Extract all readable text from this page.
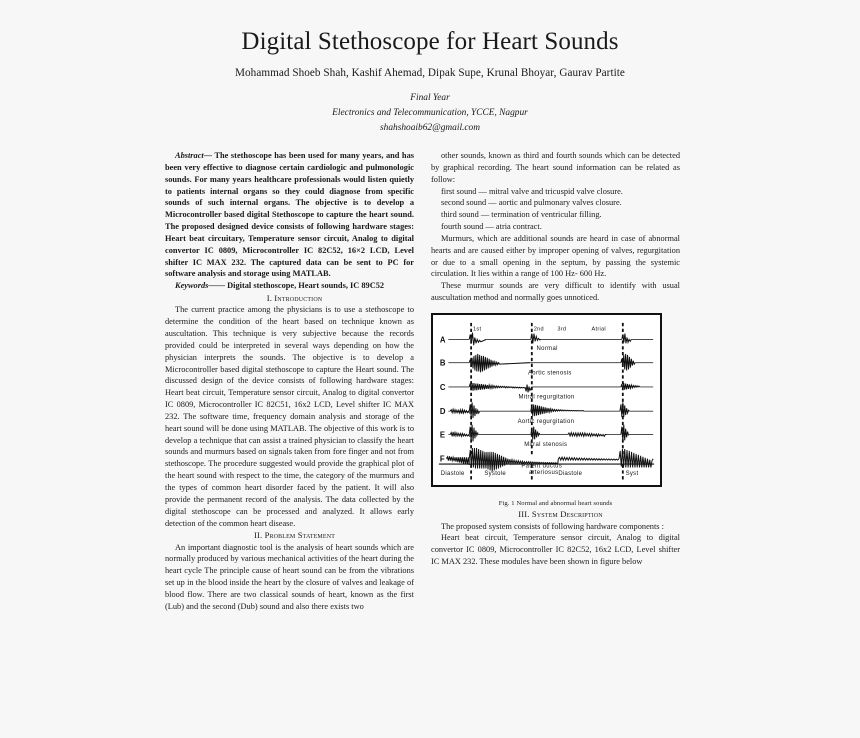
Digital Stethoscope for Heart Sounds
Mohammad Shoeb Shah, Kashif Ahemad, Dipak Supe, Krunal Bhoyar, Gaurav Partite
Final Year
Electronics and Telecommunication, YCCE, Nagpur
shahshoaib62@gmail.com

Abstract— The stethoscope has been used for many years, and has been very effective to diagnose certain cardiologic and pulmonologic sounds. For many years healthcare professionals would listen quietly to patients internal organs so they could diagnose from specific sounds of such internal organs. The objective is to develop a Microcontroller based digital Stethoscope to capture the heart sound. The proposed designed device consists of following hardware stages: Heart beat circuitary, Temperature sensor circuit, Analog to digital convertor IC 0809, Microcontroller IC 82C52, 16×2 LCD, Level shifter IC MAX 232. The captured data can be sent to PC for software analysis and storage using MATLAB.

Keywords—— Digital stethoscope, Heart sounds, IC 89C52

I. Introduction

The current practice among the physicians is to use a stethoscope to determine the condition of the heart based on technique known as auscultation. This technique is very subjective because the records provided could be interpreted in several ways depending on how the physician interprets the sounds. The objective is to develop a Microcontroller based digital stethoscope to capture the Heart sound. The discussed design of the device consists of following hardware stages: Heart beat circuit, Temperature sensor circuit, Analog to digital convertor IC 0809, Microcontroller IC 82C51, 16x2 LCD, Level shifter IC MAX 232. The software time, frequency domain analysis and storage of the heart sound will be done using MATLAB. The objective of this work is to develop a technique that can assist a trained physician to classify the heart sounds and murmurs based on signals taken from fore finger and not from stethoscope. The procedure suggested would provide the graphical plot of the heart sound with respect to the time, the category of the murmurs and the types of common heart disorder faced by the patient. It will also provide the permanent record of the analysis. The data collected by the digital stethoscope can be processed and analyzed. It allows early detection of the common heart disease.

II. Problem Statement

An important diagnostic tool is the analysis of heart sounds which are normally produced by various mechanical activities of the heart during the heart cycle The principle cause of heart sound can be from the vibrations set up in the blood inside the heart by the closure of valves and leakage of blood flow. There are two classical sounds of heart, known as the first (Lub) and the second (Dub) sound and also there exists two

other sounds, known as third and fourth sounds which can be detected by graphical recording. The heart sound information can be related as follow:

first sound — mitral valve and tricuspid valve closure.
second sound — aortic and pulmonary valves closure.
third sound — termination of ventricular filling.
fourth sound — atria contract.

Murmurs, which are additional sounds are heard in case of abnormal hearts and are caused either by improper opening of valves, regurgitation or due to a small opening in the septum, by passing the systemic circulation. It lies within a range of 100 Hz- 600 Hz.

These murmur sounds are very difficult to identify with usual auscultation method and normally goes unnoticed.

1st	2nd 3rd	Atrial
A
Normal
B
Aortic stenosis
C
Mitral regurgitation
D
Aortic regurgitation
E
Mitral stenosis
F
Patent ductus
arteriosus
Diastole	Systole	Diastole	Syst
Fig. 1 Normal and abnormal heart sounds

III. System Description

The proposed system consists of following hardware components :

Heart beat circuit, Temperature sensor circuit, Analog to digital convertor IC 0809, Microcontroller IC 82C52, 16x2 LCD, Level shifter IC MAX 232. These modules have been shown in figure below
